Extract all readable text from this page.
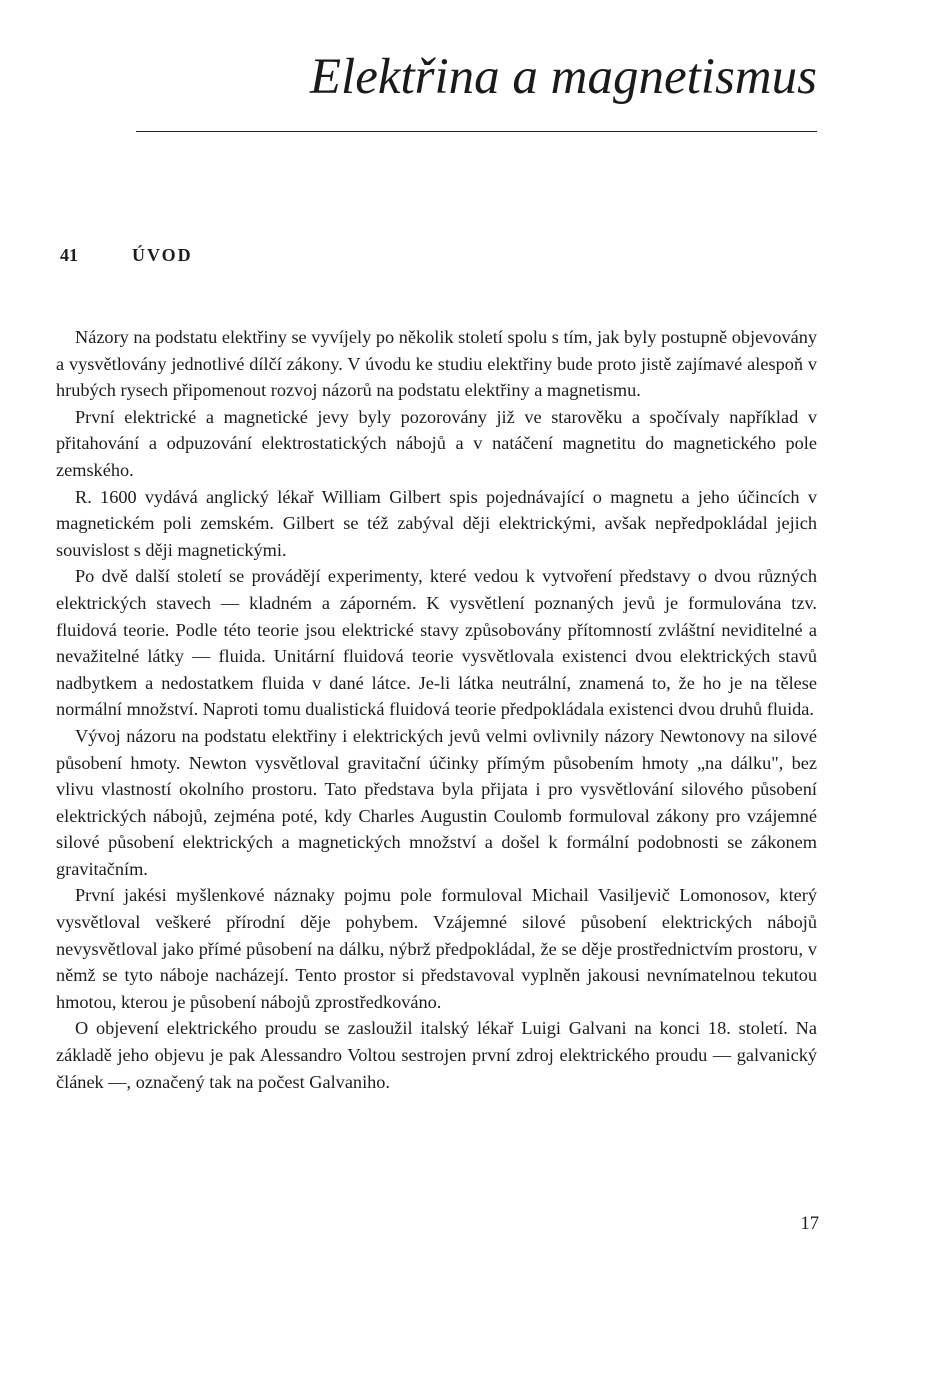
Elektřina a magnetismus
41	ÚVOD

Názory na podstatu elektřiny se vyvíjely po několik století spolu s tím, jak byly postupně objevovány a vysvětlovány jednotlivé dílčí zákony. V úvodu ke studiu elektřiny bude proto jistě zajímavé alespoň v hrubých rysech připomenout rozvoj názorů na podstatu elektřiny a magnetismu.

První elektrické a magnetické jevy byly pozorovány již ve starověku a spočívaly například v přitahování a odpuzování elektrostatických nábojů a v natáčení magnetitu do magnetického pole zemského.

R. 1600 vydává anglický lékař William Gilbert spis pojednávající o magnetu a jeho účincích v magnetickém poli zemském. Gilbert se též zabýval ději elektrickými, avšak nepředpokládal jejich souvislost s ději magnetickými.

Po dvě další století se provádějí experimenty, které vedou k vytvoření představy o dvou různých elektrických stavech — kladném a záporném. K vysvětlení poznaných jevů je formulována tzv. fluidová teorie. Podle této teorie jsou elektrické stavy způsobovány přítomností zvláštní neviditelné a nevažitelné látky — fluida. Unitární fluidová teorie vysvětlovala existenci dvou elektrických stavů nadbytkem a nedostatkem fluida v dané látce. Je-li látka neutrální, znamená to, že ho je na tělese normální množství. Naproti tomu dualistická fluidová teorie předpokládala existenci dvou druhů fluida.

Vývoj názoru na podstatu elektřiny i elektrických jevů velmi ovlivnily názory Newtonovy na silové působení hmoty. Newton vysvětloval gravitační účinky přímým působením hmoty „na dálku", bez vlivu vlastností okolního prostoru. Tato představa byla přijata i pro vysvětlování silového působení elektrických nábojů, zejména poté, kdy Charles Augustin Coulomb formuloval zákony pro vzájemné silové působení elektrických a magnetických množství a došel k formální podobnosti se zákonem gravitačním.

První jakési myšlenkové náznaky pojmu pole formuloval Michail Vasiljevič Lomonosov, který vysvětloval veškeré přírodní děje pohybem. Vzájemné silové působení elektrických nábojů nevysvětloval jako přímé působení na dálku, nýbrž předpokládal, že se děje prostřednictvím prostoru, v němž se tyto náboje nacházejí. Tento prostor si představoval vyplněn jakousi nevnímatelnou tekutou hmotou, kterou je působení nábojů zprostředkováno.

O objevení elektrického proudu se zasloužil italský lékař Luigi Galvani na konci 18. století. Na základě jeho objevu je pak Alessandro Voltou sestrojen první zdroj elektrického proudu — galvanický článek —, označený tak na počest Galvaniho.

17
